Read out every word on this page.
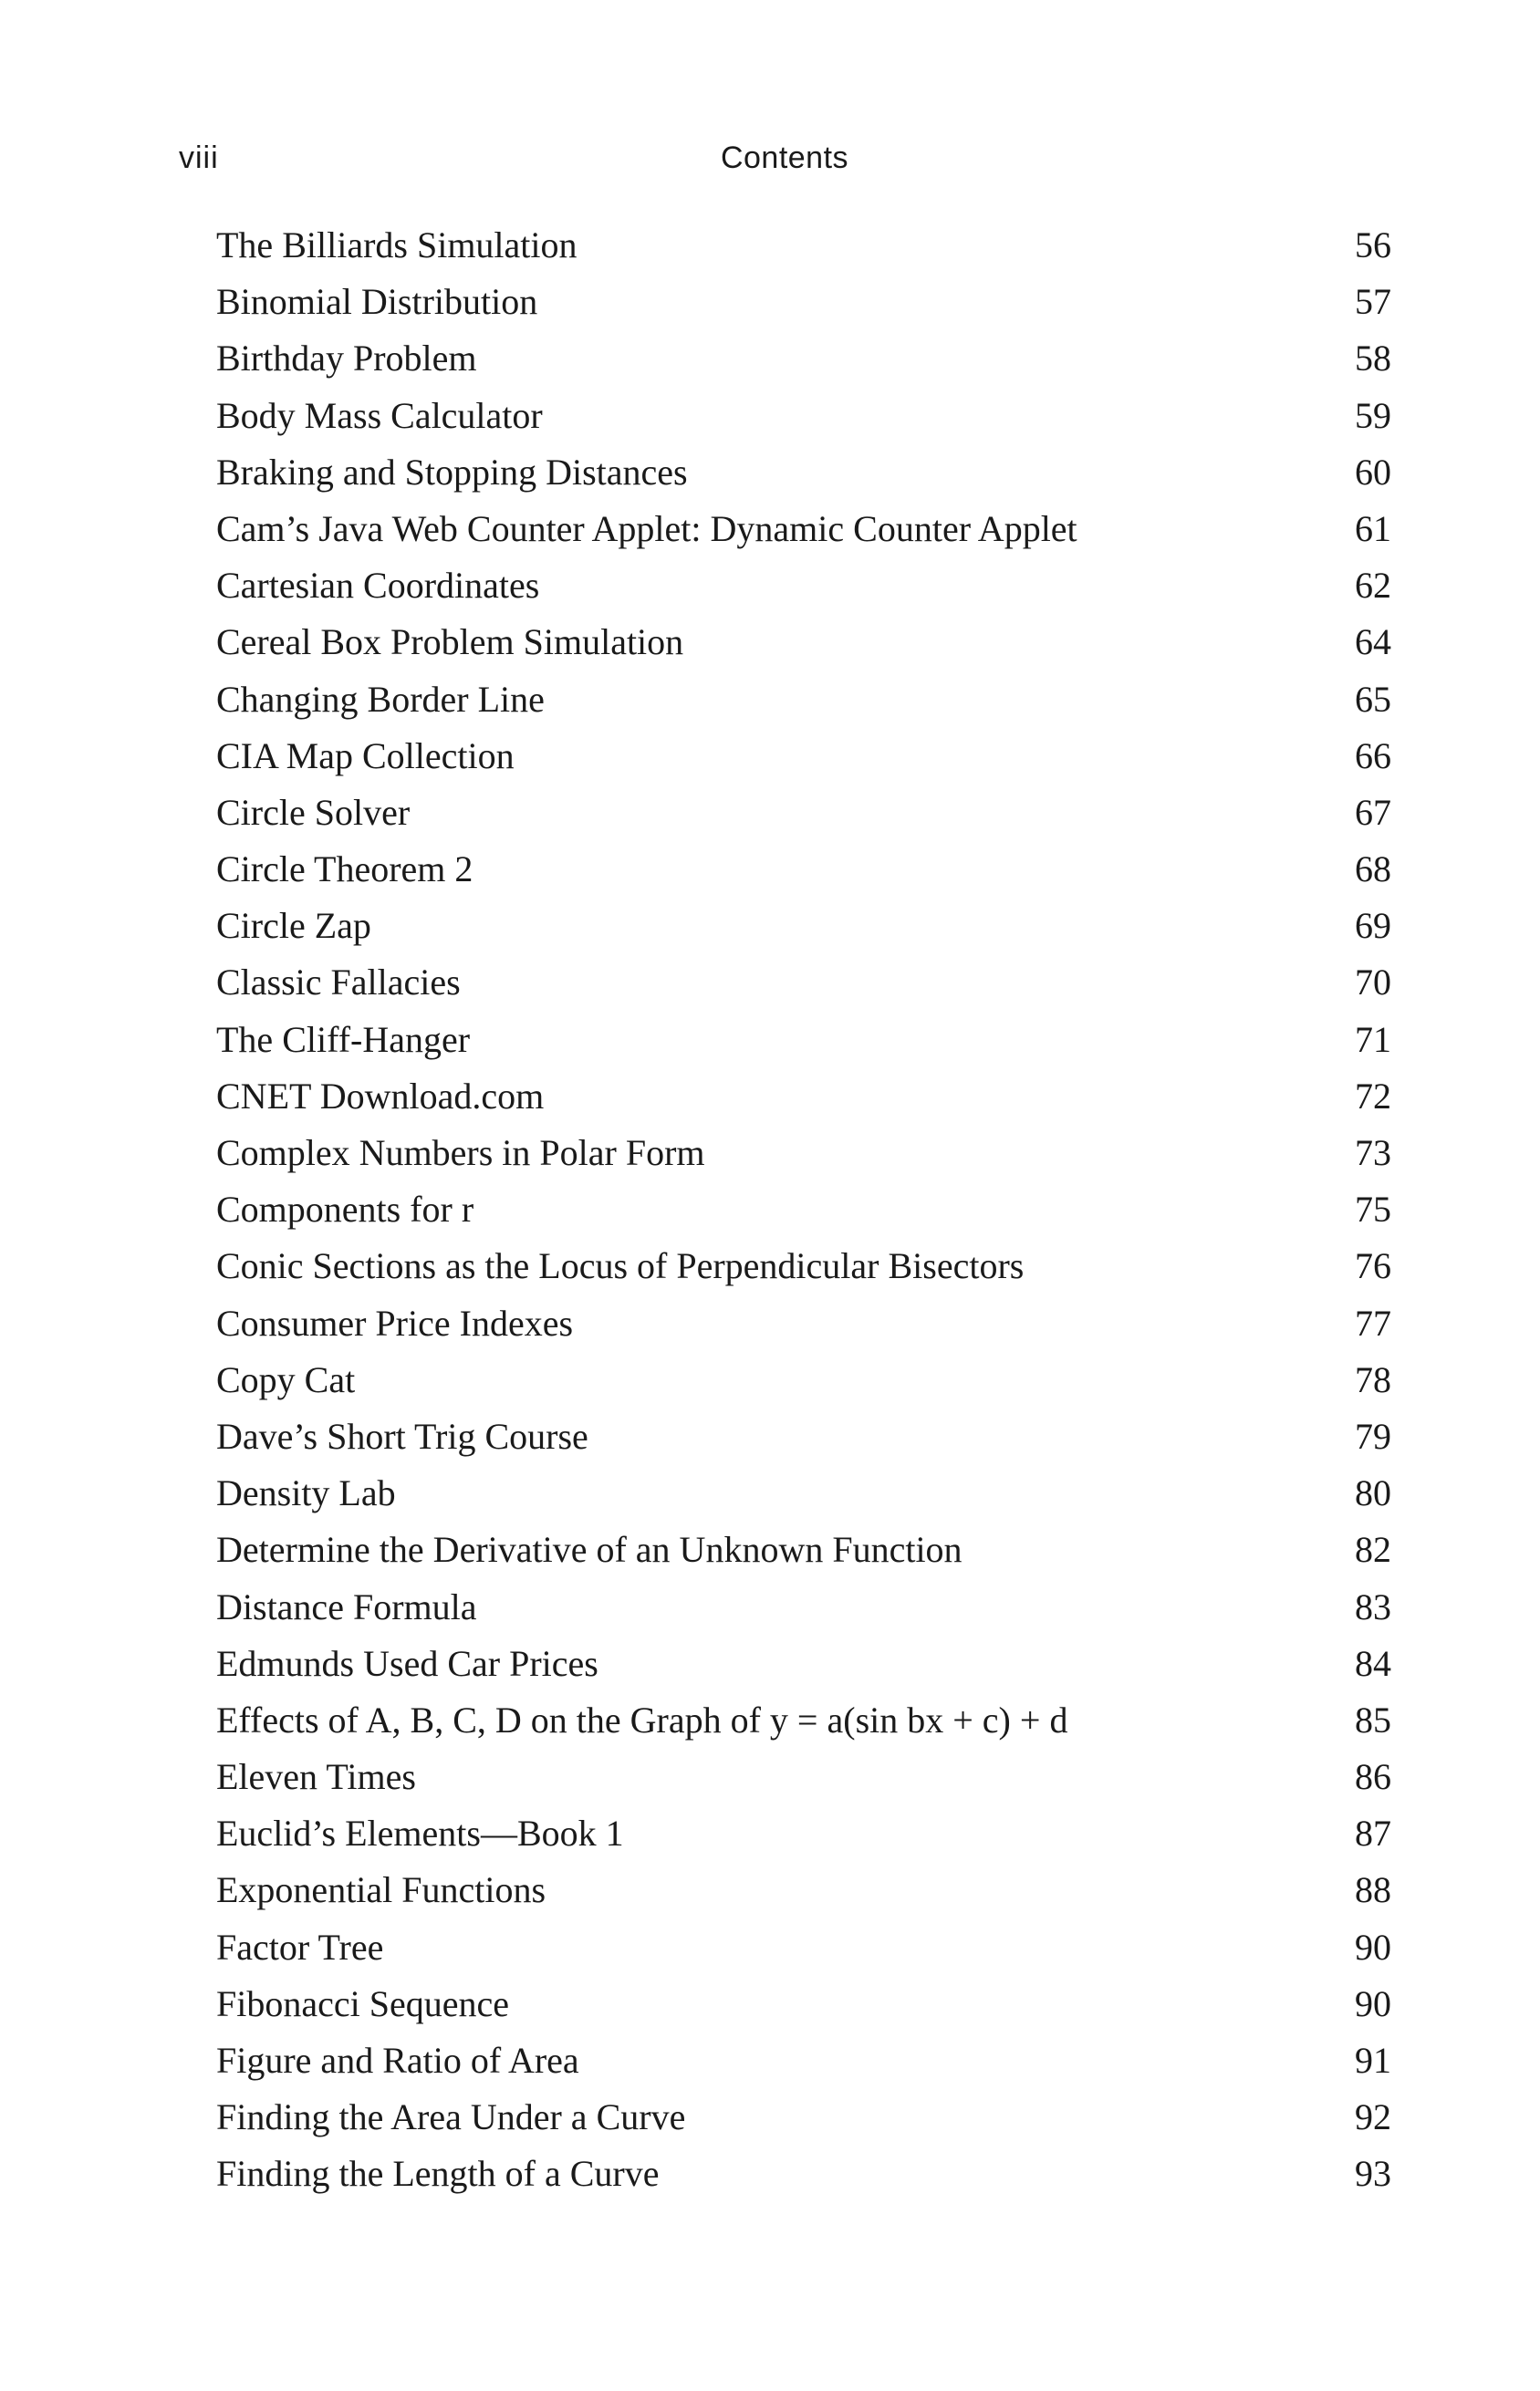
viii	Contents
The Billiards Simulation	56
Binomial Distribution	57
Birthday Problem	58
Body Mass Calculator	59
Braking and Stopping Distances	60
Cam’s Java Web Counter Applet: Dynamic Counter Applet	61
Cartesian Coordinates	62
Cereal Box Problem Simulation	64
Changing Border Line	65
CIA Map Collection	66
Circle Solver	67
Circle Theorem 2	68
Circle Zap	69
Classic Fallacies	70
The Cliff-Hanger	71
CNET Download.com	72
Complex Numbers in Polar Form	73
Components for r	75
Conic Sections as the Locus of Perpendicular Bisectors	76
Consumer Price Indexes	77
Copy Cat	78
Dave’s Short Trig Course	79
Density Lab	80
Determine the Derivative of an Unknown Function	82
Distance Formula	83
Edmunds Used Car Prices	84
Effects of A, B, C, D on the Graph of y = a(sin bx + c) + d	85
Eleven Times	86
Euclid’s Elements—Book 1	87
Exponential Functions	88
Factor Tree	90
Fibonacci Sequence	90
Figure and Ratio of Area	91
Finding the Area Under a Curve	92
Finding the Length of a Curve	93
